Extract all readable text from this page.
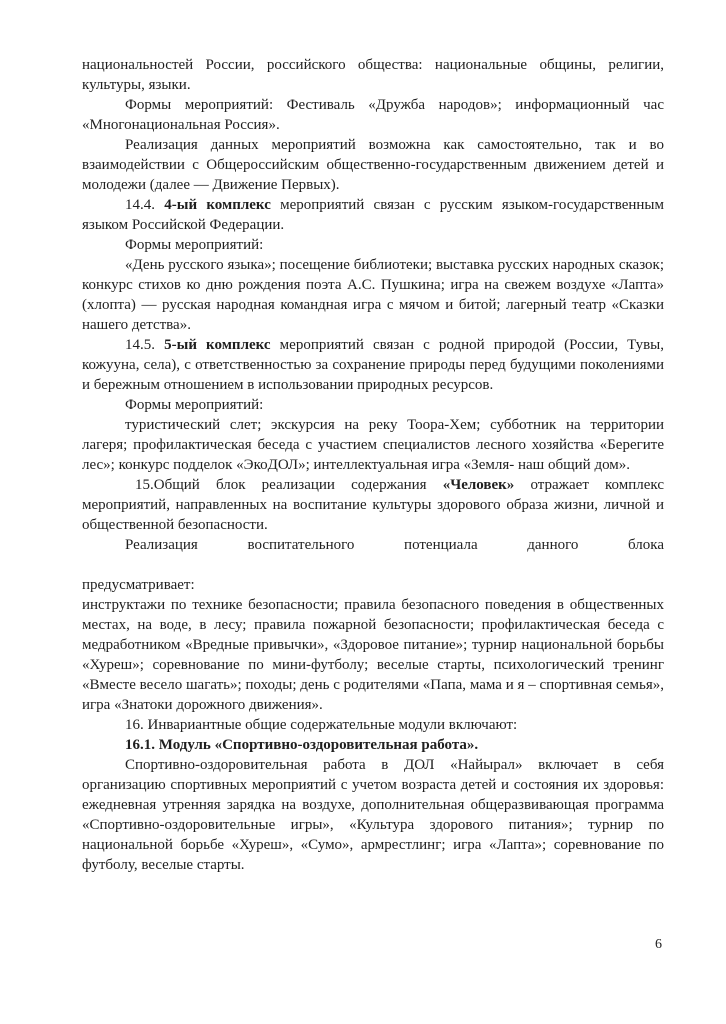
национальностей России, российского общества: национальные общины, религии, культуры, языки.

Формы мероприятий: Фестиваль «Дружба народов»; информационный час «Многонациональная Россия».

Реализация данных мероприятий возможна как самостоятельно, так и во взаимодействии с Общероссийским общественно-государственным движением детей и молодежи (далее — Движение Первых).

14.4. 4-ый комплекс мероприятий связан с русским языком-государственным языком Российской Федерации.

Формы мероприятий:

«День русского языка»; посещение библиотеки; выставка русских народных сказок; конкурс стихов ко дню рождения поэта А.С. Пушкина; игра на свежем воздухе «Лапта» (хлопта) — русская народная командная игра с мячом и битой; лагерный театр «Сказки нашего детства».

14.5. 5-ый комплекс мероприятий связан с родной природой (России, Тувы, кожууна, села), с ответственностью за сохранение природы перед будущими поколениями и бережным отношением в использовании природных ресурсов.

Формы мероприятий:

туристический слет; экскурсия на реку Тоора-Хем; субботник на территории лагеря; профилактическая беседа с участием специалистов лесного хозяйства «Берегите лес»; конкурс подделок «ЭкоДОЛ»; интеллектуальная игра «Земля- наш общий дом».

15.Общий блок реализации содержания «Человек» отражает комплекс мероприятий, направленных на воспитание культуры здорового образа жизни, личной и общественной безопасности.

Реализация воспитательного потенциала данного блока предусматривает:

инструктажи по технике безопасности; правила безопасного поведения в общественных местах, на воде, в лесу; правила пожарной безопасности; профилактическая беседа с медработником «Вредные привычки», «Здоровое питание»; турнир национальной борьбы «Хуреш»; соревнование по мини-футболу; веселые старты, психологический тренинг «Вместе весело шагать»; походы; день с родителями «Папа, мама и я – спортивная семья», игра «Знатоки дорожного движения».

16. Инвариантные общие содержательные модули включают:

16.1. Модуль «Спортивно-оздоровительная работа».

Спортивно-оздоровительная работа в ДОЛ «Найырал» включает в себя организацию спортивных мероприятий с учетом возраста детей и состояния их здоровья: ежедневная утренняя зарядка на воздухе, дополнительная общеразвивающая программа «Спортивно-оздоровительные игры», «Культура здорового питания»; турнир по национальной борьбе «Хуреш», «Сумо», армрестлинг; игра «Лапта»; соревнование по футболу, веселые старты.

6
